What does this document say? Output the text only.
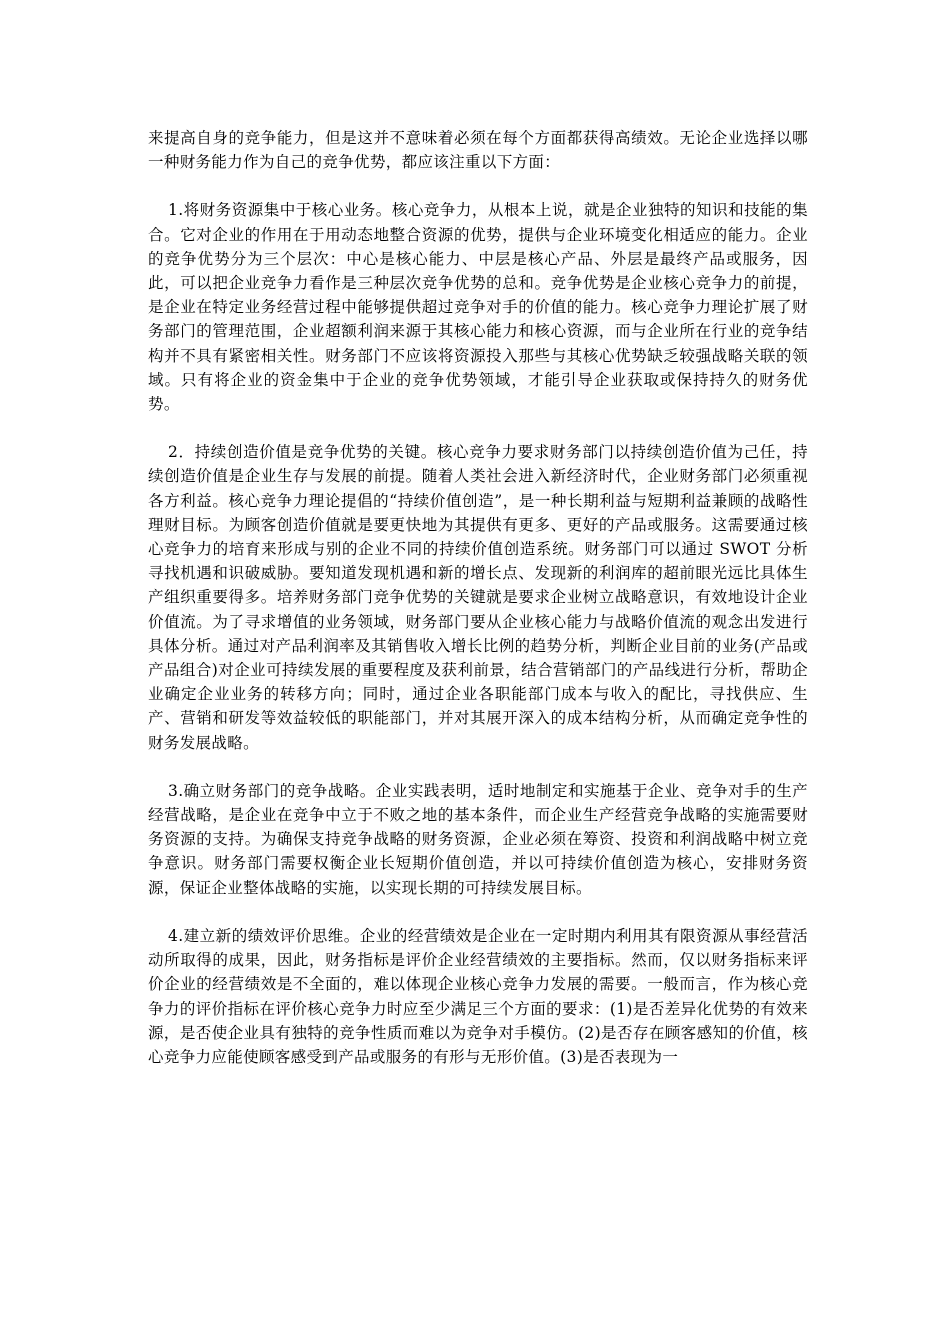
来提高自身的竞争能力，但是这并不意味着必须在每个方面都获得高绩效。无论企业选择以哪一种财务能力作为自己的竞争优势，都应该注重以下方面：

1.将财务资源集中于核心业务。核心竞争力，从根本上说，就是企业独特的知识和技能的集合。它对企业的作用在于用动态地整合资源的优势，提供与企业环境变化相适应的能力。企业的竞争优势分为三个层次：中心是核心能力、中层是核心产品、外层是最终产品或服务，因此，可以把企业竞争力看作是三种层次竞争优势的总和。竞争优势是企业核心竞争力的前提，是企业在特定业务经营过程中能够提供超过竞争对手的价值的能力。核心竞争力理论扩展了财务部门的管理范围，企业超额利润来源于其核心能力和核心资源，而与企业所在行业的竞争结构并不具有紧密相关性。财务部门不应该将资源投入那些与其核心优势缺乏较强战略关联的领域。只有将企业的资金集中于企业的竞争优势领域，才能引导企业获取或保持持久的财务优势。

2．持续创造价值是竞争优势的关键。核心竞争力要求财务部门以持续创造价值为己任，持续创造价值是企业生存与发展的前提。随着人类社会进入新经济时代，企业财务部门必须重视各方利益。核心竞争力理论提倡的“持续价值创造”，是一种长期利益与短期利益兼顾的战略性理财目标。为顾客创造价值就是要更快地为其提供有更多、更好的产品或服务。这需要通过核心竞争力的培育来形成与别的企业不同的持续价值创造系统。财务部门可以通过 SWOT 分析寻找机遇和识破威胁。要知道发现机遇和新的增长点、发现新的利润库的超前眼光远比具体生产组织重要得多。培养财务部门竞争优势的关键就是要求企业树立战略意识，有效地设计企业价值流。为了寻求增值的业务领域，财务部门要从企业核心能力与战略价值流的观念出发进行具体分析。通过对产品利润率及其销售收入增长比例的趋势分析，判断企业目前的业务(产品或产品组合)对企业可持续发展的重要程度及获利前景，结合营销部门的产品线进行分析，帮助企业确定企业业务的转移方向；同时，通过企业各职能部门成本与收入的配比，寻找供应、生产、营销和研发等效益较低的职能部门，并对其展开深入的成本结构分析，从而确定竞争性的财务发展战略。

3.确立财务部门的竞争战略。企业实践表明，适时地制定和实施基于企业、竞争对手的生产经营战略，是企业在竞争中立于不败之地的基本条件，而企业生产经营竞争战略的实施需要财务资源的支持。为确保支持竞争战略的财务资源，企业必须在筹资、投资和利润战略中树立竞争意识。财务部门需要权衡企业长短期价值创造，并以可持续价值创造为核心，安排财务资源，保证企业整体战略的实施，以实现长期的可持续发展目标。

4.建立新的绩效评价思维。企业的经营绩效是企业在一定时期内利用其有限资源从事经营活动所取得的成果，因此，财务指标是评价企业经营绩效的主要指标。然而，仅以财务指标来评价企业的经营绩效是不全面的，难以体现企业核心竞争力发展的需要。一般而言，作为核心竞争力的评价指标在评价核心竞争力时应至少满足三个方面的要求：(1)是否差异化优势的有效来源，是否使企业具有独特的竞争性质而难以为竞争对手模仿。(2)是否存在顾客感知的价值，核心竞争力应能使顾客感受到产品或服务的有形与无形价值。(3)是否表现为一
